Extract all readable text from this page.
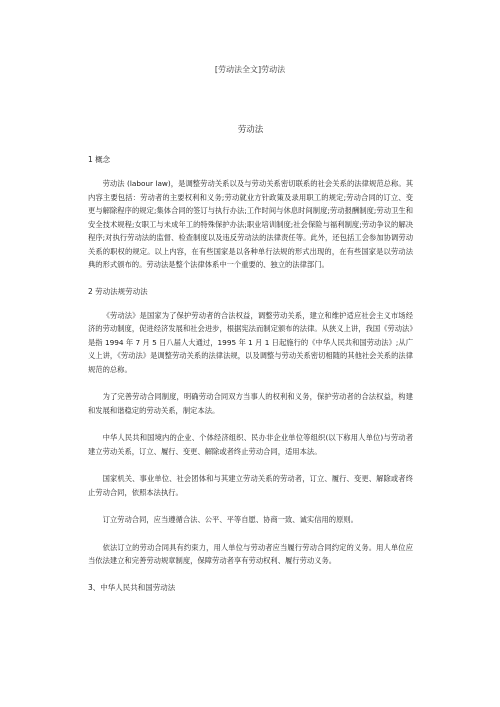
[劳动法全文]劳动法
劳动法
1 概念

劳动法 (labour law)，是调整劳动关系以及与劳动关系密切联系的社会关系的法律规范总称。其内容主要包括：劳动者的主要权利和义务;劳动就业方针政策及录用职工的规定;劳动合同的订立、变更与解除程序的规定;集体合同的签订与执行办法;工作时间与休息时间制度;劳动报酬制度;劳动卫生和安全技术规程;女职工与未成年工的特殊保护办法;职业培训制度;社会保险与福利制度;劳动争议的解决程序;对执行劳动法的监督、检查制度以及违反劳动法的法律责任等。此外，还包括工会参加协调劳动关系的职权的规定。以上内容，在有些国家是以各种单行法规的形式出现的，在有些国家是以劳动法典的形式颁布的。劳动法是整个法律体系中一个重要的、独立的法律部门。

2 劳动法规劳动法

《劳动法》是国家为了保护劳动者的合法权益，调整劳动关系，建立和维护适应社会主义市场经济的劳动制度，促进经济发展和社会进步，根据宪法而制定颁布的法律。从狭义上讲，我国《劳动法》是指 1994 年 7 月 5 日八届人大通过，1995 年 1 月 1 日起施行的《中华人民共和国劳动法》;从广义上讲，《劳动法》是调整劳动关系的法律法规，以及调整与劳动关系密切相随的其他社会关系的法律规范的总称。

为了完善劳动合同制度，明确劳动合同双方当事人的权利和义务，保护劳动者的合法权益，构建和发展和谐稳定的劳动关系，制定本法。

中华人民共和国境内的企业、个体经济组织、民办非企业单位等组织(以下称用人单位)与劳动者建立劳动关系，订立、履行、变更、解除或者终止劳动合同，适用本法。

国家机关、事业单位、社会团体和与其建立劳动关系的劳动者，订立、履行、变更、解除或者终止劳动合同，依照本法执行。

订立劳动合同，应当遵循合法、公平、平等自愿、协商一致、诚实信用的原则。

依法订立的劳动合同具有约束力，用人单位与劳动者应当履行劳动合同约定的义务。用人单位应当依法建立和完善劳动规章制度，保障劳动者享有劳动权利、履行劳动义务。

3、中华人民共和国劳动法
